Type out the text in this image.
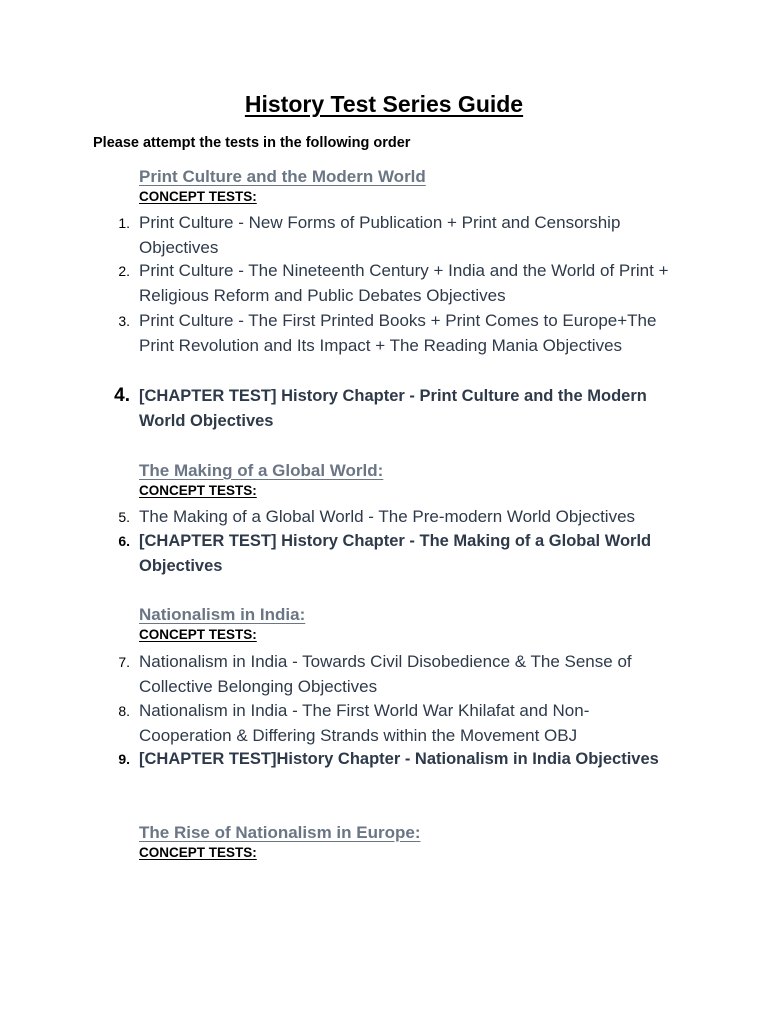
History Test Series Guide

Please attempt the tests in the following order

Print Culture and the Modern World

CONCEPT TESTS:

1. Print Culture - New Forms of Publication + Print and Censorship Objectives
2. Print Culture - The Nineteenth Century + India and the World of Print + Religious Reform and Public Debates Objectives
3. Print Culture - The First Printed Books + Print Comes to Europe+The Print Revolution and Its Impact + The Reading Mania Objectives
4. [CHAPTER TEST] History Chapter - Print Culture and the Modern World Objectives

The Making of a Global World:

CONCEPT TESTS:

5. The Making of a Global World - The Pre-modern World Objectives
6. [CHAPTER TEST] History Chapter - The Making of a Global World Objectives

Nationalism in India:

CONCEPT TESTS:

7. Nationalism in India - Towards Civil Disobedience & The Sense of Collective Belonging Objectives
8. Nationalism in India - The First World War Khilafat and Non-Cooperation & Differing Strands within the Movement OBJ
9. [CHAPTER TEST]History Chapter - Nationalism in India Objectives

The Rise of Nationalism in Europe:

CONCEPT TESTS:
